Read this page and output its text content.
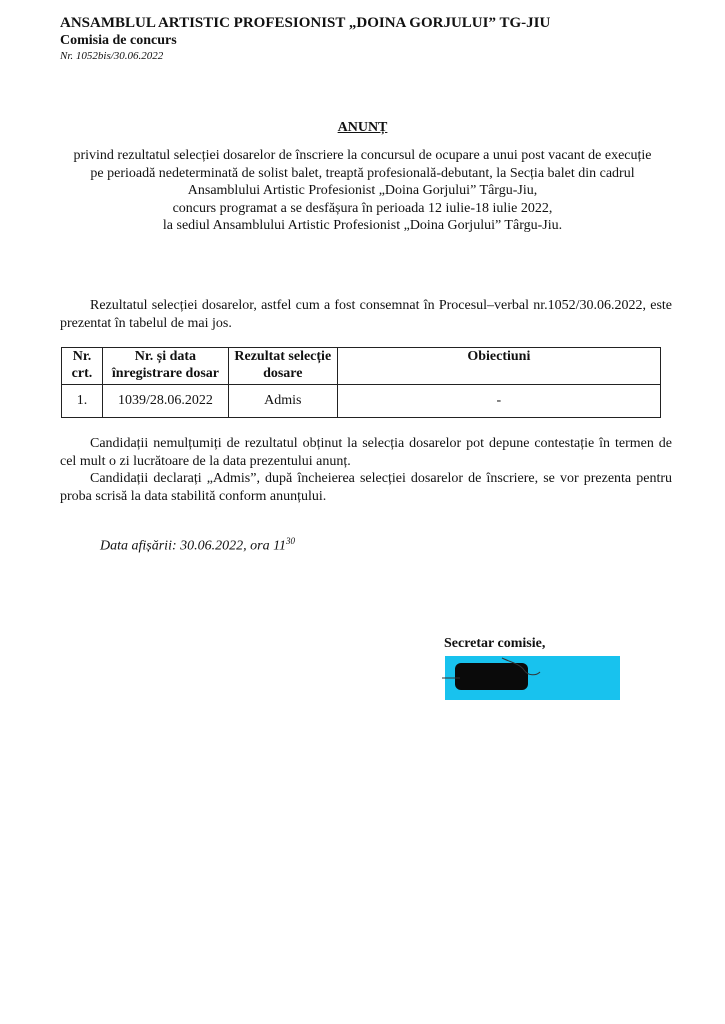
ANSAMBLUL ARTISTIC PROFESIONIST „DOINA GORJULUI” TG-JIU
Comisia de concurs
Nr. 1052bis/30.06.2022
ANUNȚ
privind rezultatul selecției dosarelor de înscriere la concursul de ocupare a unui post vacant de execuție
pe perioadă nedeterminată de solist balet, treaptă profesională-debutant, la Secția balet din cadrul
Ansamblului Artistic Profesionist „Doina Gorjului” Târgu-Jiu,
concurs programat a se desfășura în perioada 12 iulie-18 iulie 2022,
la sediul Ansamblului Artistic Profesionist „Doina Gorjului” Târgu-Jiu.
Rezultatul selecției dosarelor, astfel cum a fost consemnat în Procesul–verbal nr.1052/30.06.2022, este prezentat în tabelul de mai jos.
Nr. crt.	Nr. și data înregistrare dosar	Rezultat selecție dosare	Obiectiuni
1.	1039/28.06.2022	Admis	-
Candidații nemulțumiți de rezultatul obținut la selecția dosarelor pot depune contestație în termen de cel mult o zi lucrătoare de la data prezentului anunț.
Candidații declarați „Admis”, după încheierea selecției dosarelor de înscriere, se vor prezenta pentru proba scrisă la data stabilită conform anunțului.
Data afișării: 30.06.2022, ora $11^{30}$
Secretar comisie,
